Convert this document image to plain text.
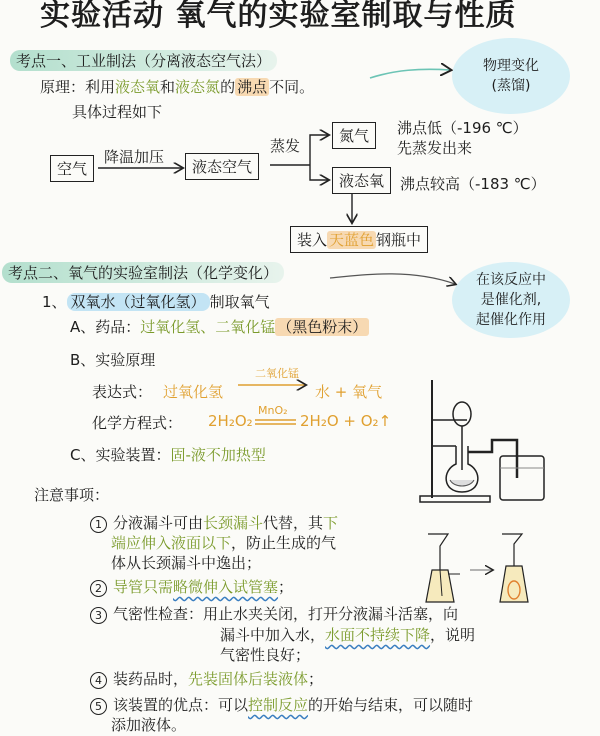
实验活动 氧气的实验室制取与性质
考点一、工业制法（分离液态空气法）
原理：利用液态氧和液态氮的 沸点 不同。
具体过程如下
物理变化
(蒸馏)
空气
降温加压
液态空气
蒸发
氮气
液态氧
沸点低（-196 ℃）
先蒸发出来
沸点较高（-183 ℃）
装入 天蓝色 钢瓶中
考点二、氧气的实验室制法（化学变化）	在该反应中
是催化剂,
起催化作用
1、 双氧水（过氧化氢） 制取氧气
A、药品：过氧化氢、二氧化锰 （黑色粉末）
B、实验原理
表达式： 过氧化氢
二氧化锰
水 + 氧气
化学方程式： 2H₂O₂
MnO₂
2H₂O + O₂↑
C、实验装置：固-液不加热型
注意事项：
1 分液漏斗可由长颈漏斗代替，其下
端应伸入液面以下，防止生成的气
体从长颈漏斗中逸出；
2 导管只需略微伸入试管塞；
3 气密性检查：用止水夹关闭，打开分液漏斗活塞，向
漏斗中加入水，水面不持续下降，说明
气密性良好；
4 装药品时，先装固体后装液体；
5 该装置的优点：可以控制反应的开始与结束，可以随时
添加液体。
